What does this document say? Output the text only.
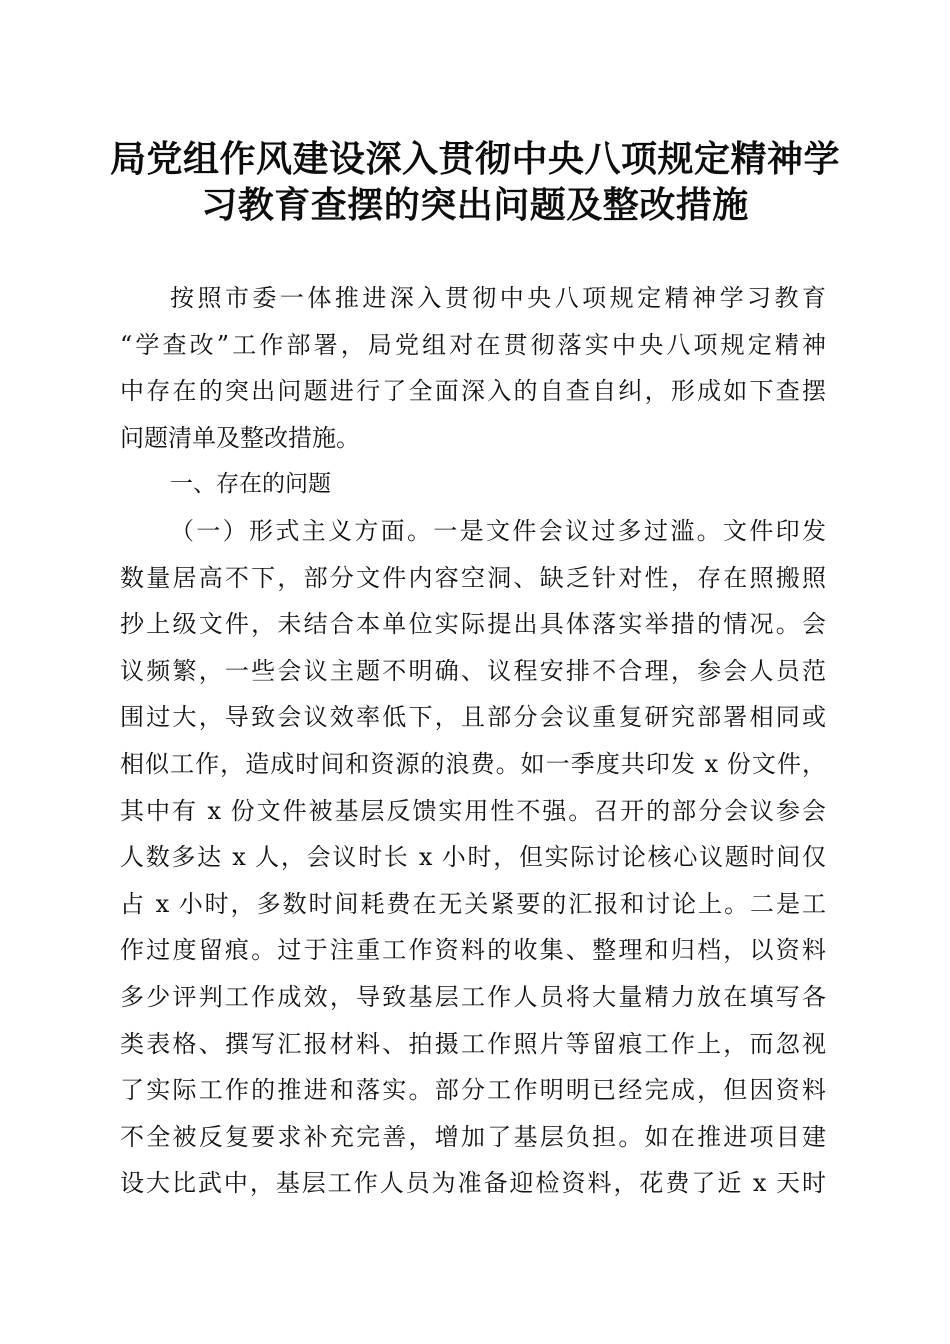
局党组作风建设深入贯彻中央八项规定精神学
习教育查摆的突出问题及整改措施
按照市委一体推进深入贯彻中央八项规定精神学习教育
“学查改”工作部署，局党组对在贯彻落实中央八项规定精神
中存在的突出问题进行了全面深入的自查自纠，形成如下查摆
问题清单及整改措施。
一、存在的问题
（一）形式主义方面。一是文件会议过多过滥。文件印发
数量居高不下，部分文件内容空洞、缺乏针对性，存在照搬照
抄上级文件，未结合本单位实际提出具体落实举措的情况。会
议频繁，一些会议主题不明确、议程安排不合理，参会人员范
围过大，导致会议效率低下，且部分会议重复研究部署相同或
相似工作，造成时间和资源的浪费。如一季度共印发 x 份文件，
其中有 x 份文件被基层反馈实用性不强。召开的部分会议参会
人数多达 x 人，会议时长 x 小时，但实际讨论核心议题时间仅
占 x 小时，多数时间耗费在无关紧要的汇报和讨论上。二是工
作过度留痕。过于注重工作资料的收集、整理和归档，以资料
多少评判工作成效，导致基层工作人员将大量精力放在填写各
类表格、撰写汇报材料、拍摄工作照片等留痕工作上，而忽视
了实际工作的推进和落实。部分工作明明已经完成，但因资料
不全被反复要求补充完善，增加了基层负担。如在推进项目建
设大比武中，基层工作人员为准备迎检资料，花费了近 x 天时
